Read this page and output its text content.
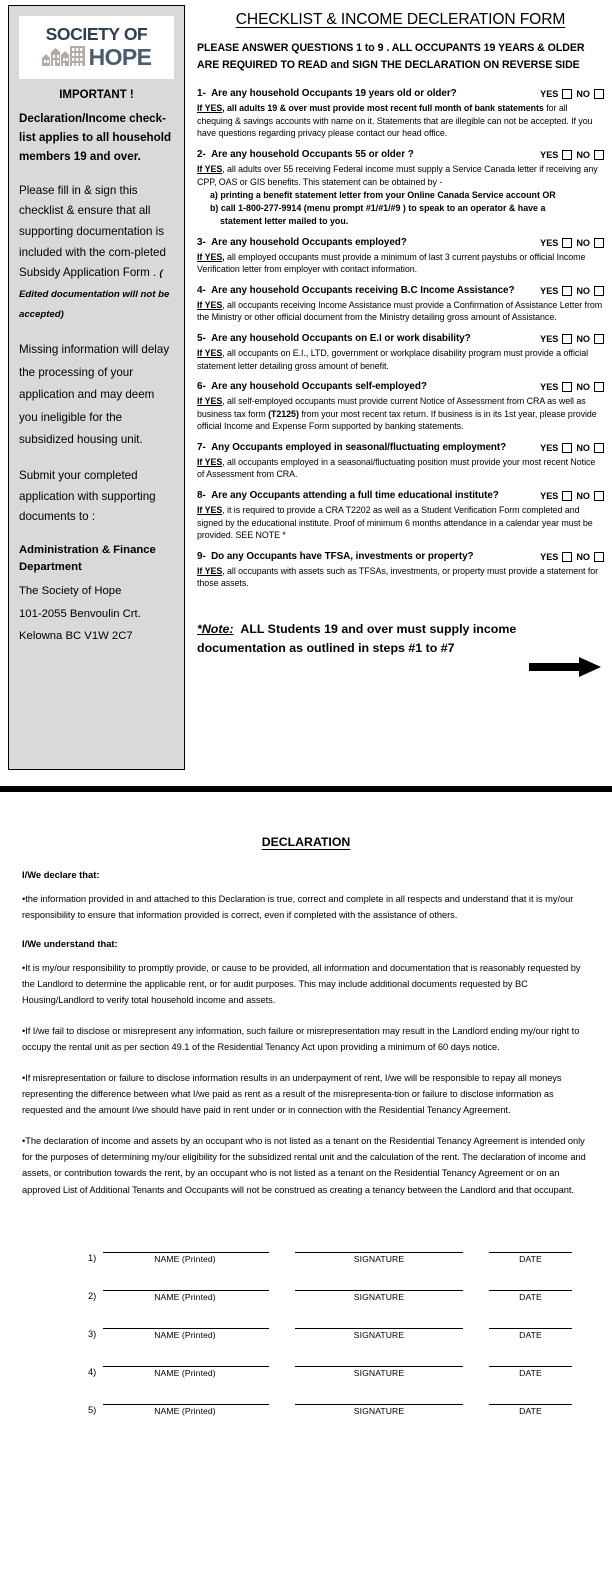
SOCIETY OF
HOPE
IMPORTANT !
Declaration/Income check-list applies to all household members 19 and over.
Please fill in & sign this checklist & ensure that all supporting documentation is included with the com-pleted Subsidy Application Form . ( Edited documentation will not be accepted)
Missing information will delay the processing of your application and may deem you ineligible for the subsidized housing unit.
Submit your completed application with supporting documents to :
Administration & Finance Department
The Society of Hope
101-2055 Benvoulin Crt.
Kelowna BC V1W 2C7
CHECKLIST & INCOME DECLERATION FORM
PLEASE ANSWER QUESTIONS 1 to 9 . ALL OCCUPANTS 19 YEARS & OLDER
ARE REQUIRED TO READ and SIGN THE DECLARATION ON REVERSE SIDE
1- Are any household Occupants 19 years old or older?	YES NO
If YES, all adults 19 & over must provide most recent full month of bank statements for all chequing & savings accounts with name on it. Statements that are illegible can not be accepted. If you have questions regarding privacy please contact our head office.
2- Are any household Occupants 55 or older ?	YES NO
If YES, all adults over 55 receiving Federal income must supply a Service Canada letter if receiving any CPP, OAS or GIS benefits. This statement can be obtained by -
a) printing a benefit statement letter from your Online Canada Service account OR
b) call 1-800-277-9914 (menu prompt #1/#1/#9 ) to speak to an operator & have a
statement letter mailed to you.
3- Are any household Occupants employed?	YES NO
If YES, all employed occupants must provide a minimum of last 3 current paystubs or official Income Verification letter from employer with contact information.
4- Are any household Occupants receiving B.C Income Assistance?	YES NO
If YES, all occupants receiving Income Assistance must provide a Confirmation of Assistance Letter from the Ministry or other official document from the Ministry detailing gross amount of Assistance.
5- Are any household Occupants on E.I or work disability?	YES NO
If YES, all occupants on E.I., LTD, government or workplace disability program must provide a official statement letter detailing gross amount of benefit.
6- Are any household Occupants self-employed?	YES NO
If YES, all self-employed occupants must provide current Notice of Assessment from CRA as well as business tax form (T2125) from your most recent tax return. If business is in its 1st year, please provide official Income and Expense Form supported by banking statements.
7- Any Occupants employed in seasonal/fluctuating employment?	YES NO
If YES, all occupants employed in a seasonal/fluctuating position must provide your most recent Notice of Assessment from CRA.
8- Are any Occupants attending a full time educational institute?	YES NO
If YES, it is required to provide a CRA T2202 as well as a Student Verification Form completed and signed by the educational institute. Proof of minimum 6 months attendance in a calendar year must be provided. SEE NOTE *
9- Do any Occupants have TFSA, investments or property?	YES NO
If YES, all occupants with assets such as TFSAs, investments, or property must provide a statement for those assets.
*Note: ALL Students 19 and over must supply income documentation as outlined in steps #1 to #7
DECLARATION
I/We declare that:

•the information provided in and attached to this Declaration is true, correct and complete in all respects and understand that it is my/our responsibility to ensure that information provided is correct, even if completed with the assistance of others.

I/We understand that:

•It is my/our responsibility to promptly provide, or cause to be provided, all information and documentation that is reasonably requested by the Landlord to determine the applicable rent, or for audit purposes. This may include additional documents requested by BC Housing/Landlord to verify total household income and assets.

•If I/we fail to disclose or misrepresent any information, such failure or misrepresentation may result in the Landlord ending my/our right to occupy the rental unit as per section 49.1 of the Residential Tenancy Act upon providing a minimum of 60 days notice.

•If misrepresentation or failure to disclose information results in an underpayment of rent, I/we will be responsible to repay all moneys representing the difference between what I/we paid as rent as a result of the misrepresenta-tion or failure to disclose information as requested and the amount I/we should have paid in rent under or in connection with the Residential Tenancy Agreement.

•The declaration of income and assets by an occupant who is not listed as a tenant on the Residential Tenancy Agreement is intended only for the purposes of determining my/our eligibility for the subsidized rental unit and the calculation of the rent. The declaration of income and assets, or contribution towards the rent, by an occupant who is not listed as a tenant on the Residential Tenancy Agreement or on an approved List of Additional Tenants and Occupants will not be construed as creating a tenancy between the Landlord and that occupant.

1)	NAME (Printed)	SIGNATURE	DATE
2)	NAME (Printed)	SIGNATURE	DATE
3)	NAME (Printed)	SIGNATURE	DATE
4)	NAME (Printed)	SIGNATURE	DATE
5)	NAME (Printed)	SIGNATURE	DATE
